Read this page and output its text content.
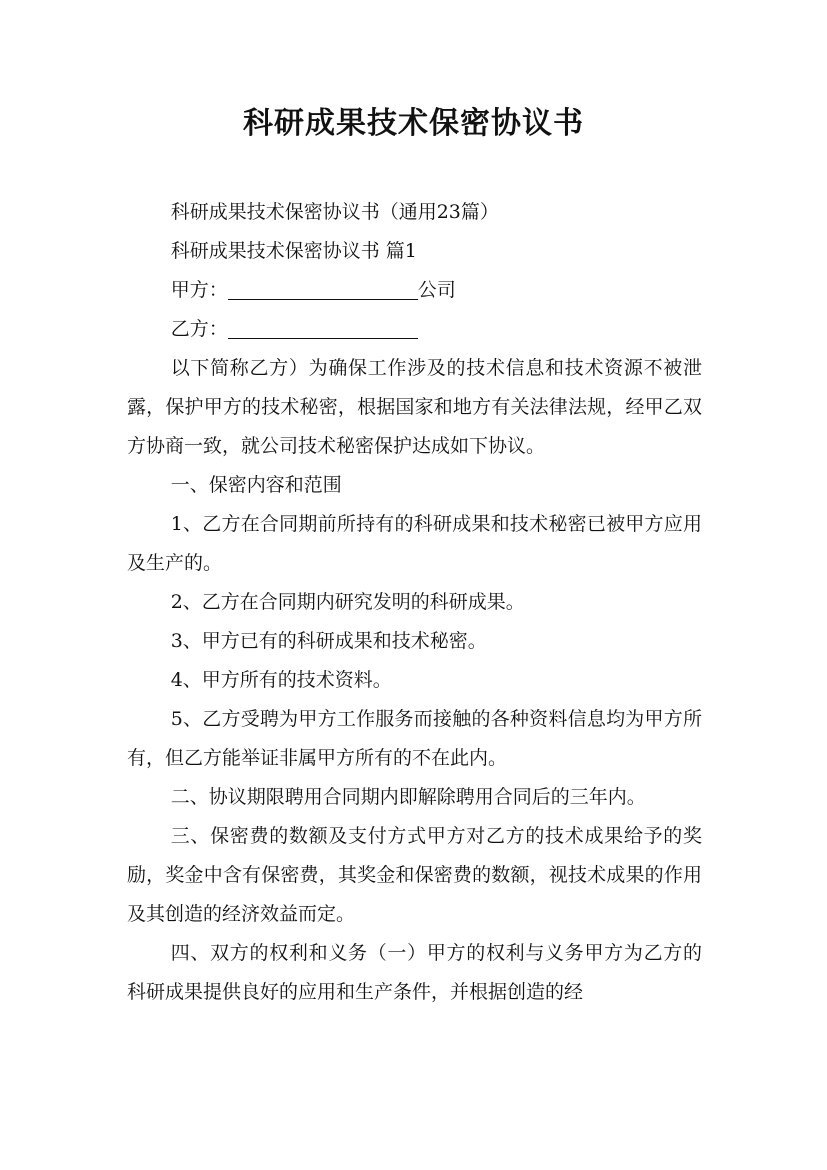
科研成果技术保密协议书

科研成果技术保密协议书（通用23篇）

科研成果技术保密协议书 篇1

甲方：	公司

乙方：

以下简称乙方）为确保工作涉及的技术信息和技术资源不被泄露，保护甲方的技术秘密，根据国家和地方有关法律法规，经甲乙双方协商一致，就公司技术秘密保护达成如下协议。

一、保密内容和范围

1、乙方在合同期前所持有的科研成果和技术秘密已被甲方应用及生产的。

2、乙方在合同期内研究发明的科研成果。

3、甲方已有的科研成果和技术秘密。

4、甲方所有的技术资料。

5、乙方受聘为甲方工作服务而接触的各种资料信息均为甲方所有，但乙方能举证非属甲方所有的不在此内。

二、协议期限聘用合同期内即解除聘用合同后的三年内。

三、保密费的数额及支付方式甲方对乙方的技术成果给予的奖励，奖金中含有保密费，其奖金和保密费的数额，视技术成果的作用及其创造的经济效益而定。

四、双方的权利和义务（一）甲方的权利与义务甲方为乙方的科研成果提供良好的应用和生产条件，并根据创造的经
